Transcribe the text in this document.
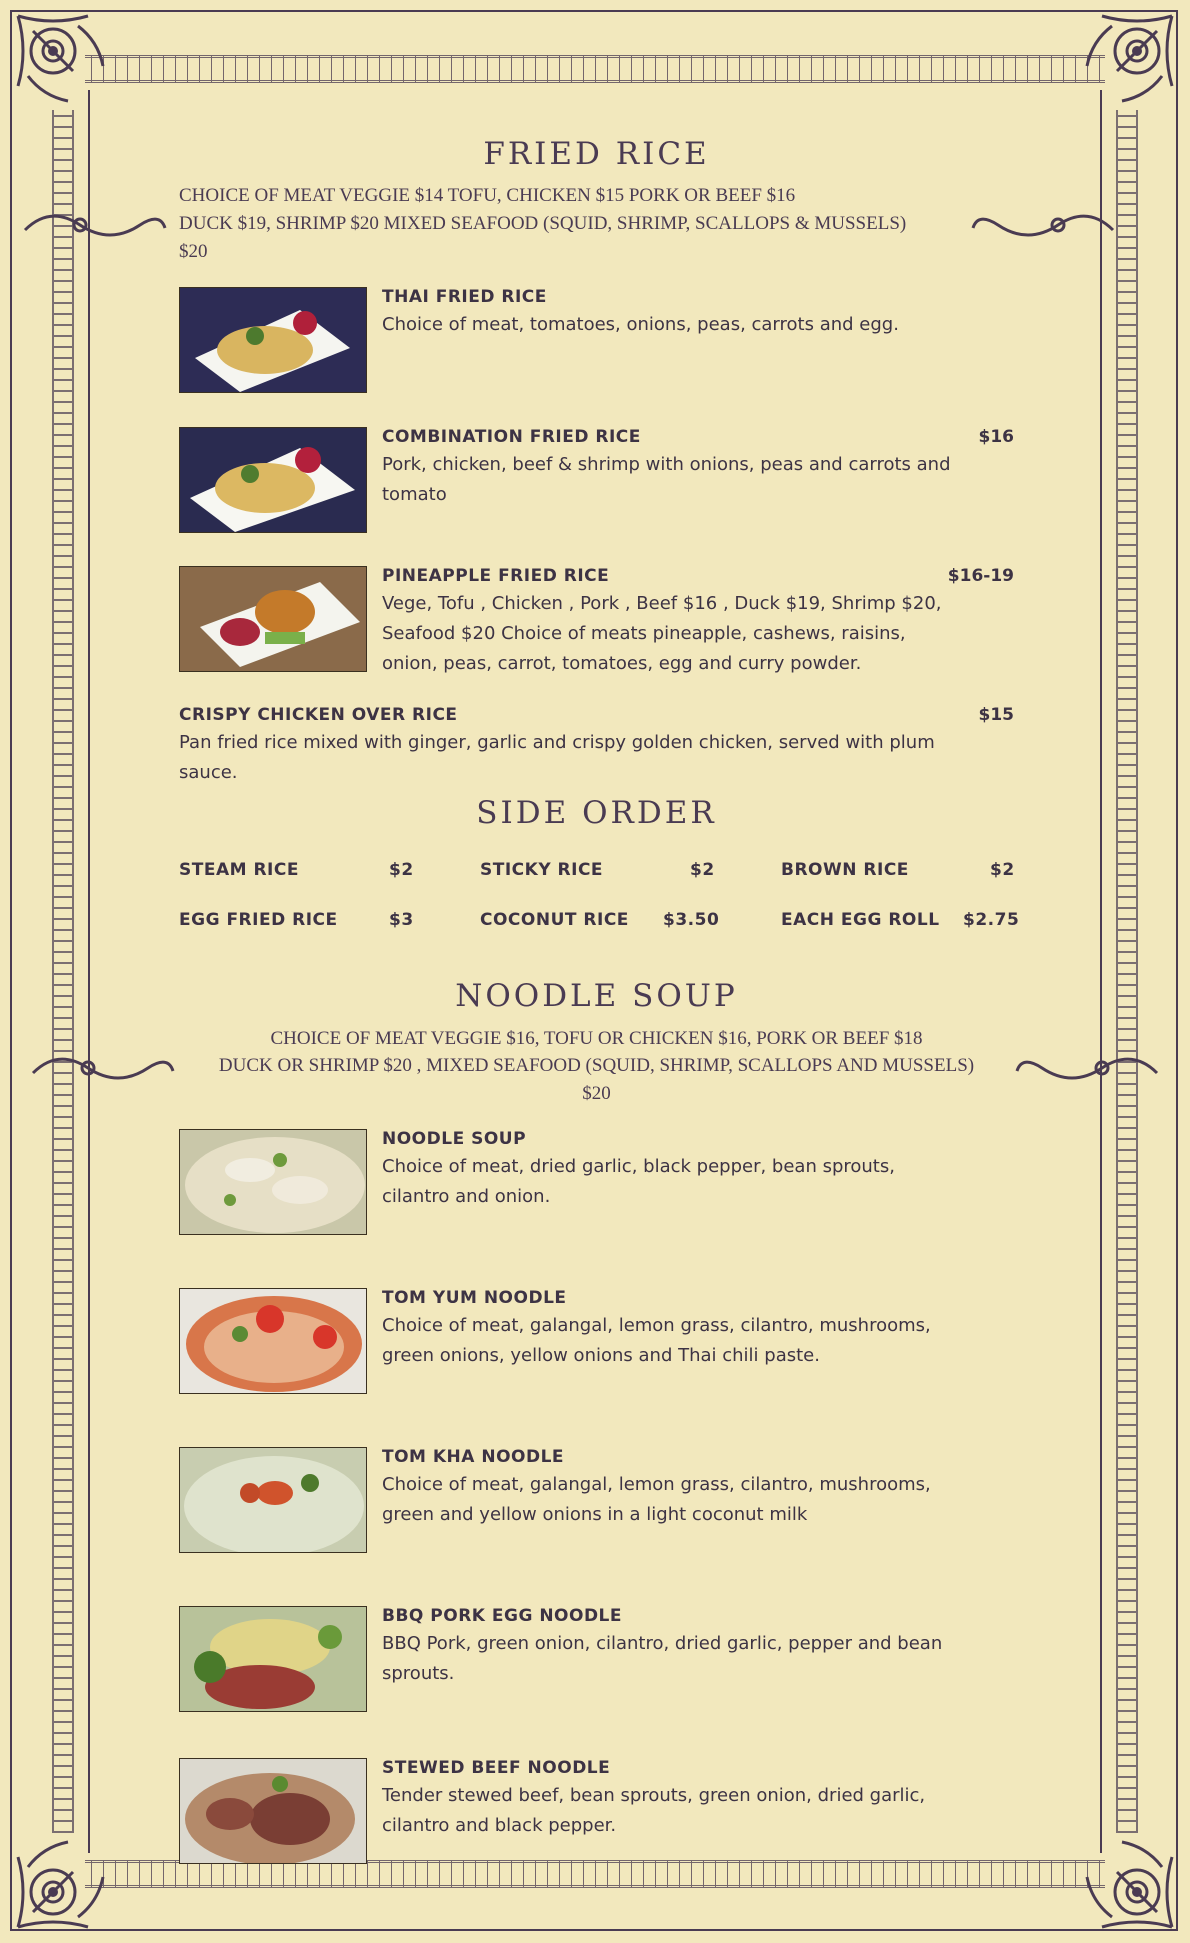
FRIED RICE
CHOICE OF MEAT VEGGIE $14 TOFU, CHICKEN $15 PORK OR BEEF $16
DUCK $19, SHRIMP $20 MIXED SEAFOOD (SQUID, SHRIMP, SCALLOPS & MUSSELS)
$20
THAI FRIED RICE
Choice of meat, tomatoes, onions, peas, carrots and egg.
COMBINATION FRIED RICE
Pork, chicken, beef & shrimp with onions, peas and carrots and tomato
$16
PINEAPPLE FRIED RICE
Vege, Tofu , Chicken , Pork , Beef $16 , Duck $19, Shrimp $20, Seafood $20 Choice of meats pineapple, cashews, raisins, onion, peas, carrot, tomatoes, egg and curry powder.
$16-19
CRISPY CHICKEN OVER RICE
Pan fried rice mixed with ginger, garlic and crispy golden chicken, served with plum sauce.
$15
SIDE ORDER
STEAM RICE	$2	STICKY RICE	$2	BROWN RICE	$2
EGG FRIED RICE	$3	COCONUT RICE $3.50	EACH EGG ROLL $2.75
NOODLE SOUP
CHOICE OF MEAT VEGGIE $16, TOFU OR CHICKEN $16, PORK OR BEEF $18
DUCK OR SHRIMP $20 , MIXED SEAFOOD (SQUID, SHRIMP, SCALLOPS AND MUSSELS)
$20
NOODLE SOUP
Choice of meat, dried garlic, black pepper, bean sprouts, cilantro and onion.
TOM YUM NOODLE
Choice of meat, galangal, lemon grass, cilantro, mushrooms, green onions, yellow onions and Thai chili paste.
TOM KHA NOODLE
Choice of meat, galangal, lemon grass, cilantro, mushrooms, green and yellow onions in a light coconut milk
BBQ PORK EGG NOODLE
BBQ Pork, green onion, cilantro, dried garlic, pepper and bean sprouts.
STEWED BEEF NOODLE
Tender stewed beef, bean sprouts, green onion, dried garlic, cilantro and black pepper.
